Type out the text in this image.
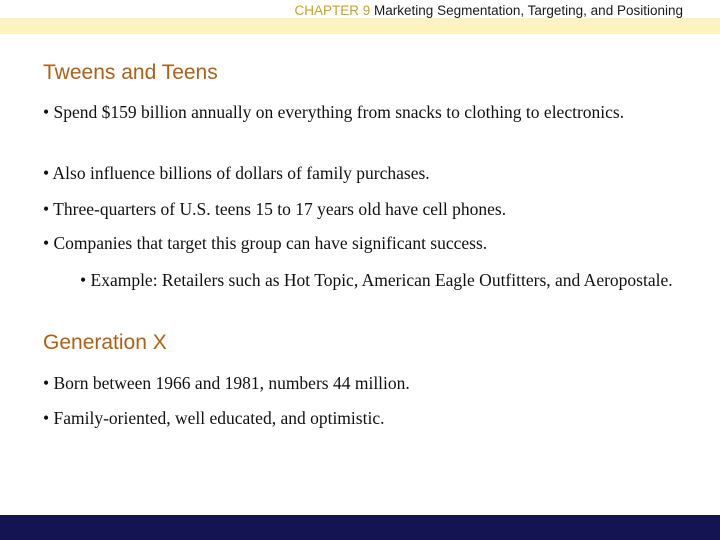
CHAPTER 9 Marketing Segmentation, Targeting, and Positioning
Tweens and Teens
• Spend $159 billion annually on everything from snacks to clothing to electronics.
• Also influence billions of dollars of family purchases.
• Three-quarters of U.S. teens 15 to 17 years old have cell phones.
• Companies that target this group can have significant success.
• Example: Retailers such as Hot Topic, American Eagle Outfitters, and Aeropostale.
Generation X
• Born between 1966 and 1981, numbers 44 million.
• Family-oriented, well educated, and optimistic.
